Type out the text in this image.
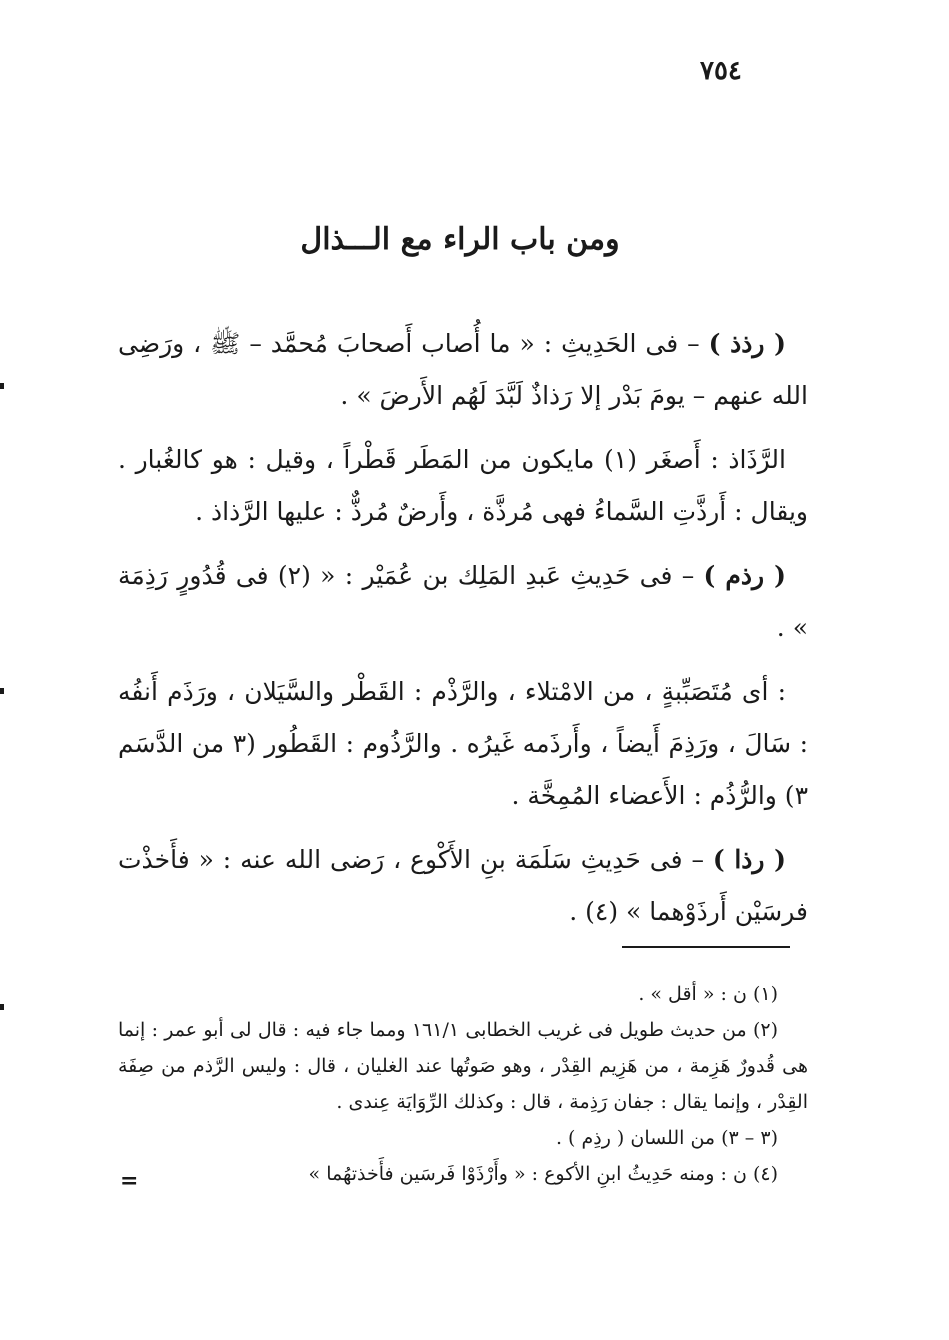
٧٥٤
ومن باب الراء مع الـــذال

( رذذ ) – فى الحَدِيثِ : « ما أُصاب أَصحابَ مُحمَّد – ﷺ ، ورَضِى الله عنهم – يومَ بَدْر إلا رَذاذٌ لَبَّدَ لَهُم الأَرضَ » .

الرَّذَاذ : أَصغَر (١) مايكون من المَطَر قَطْراً ، وقيل : هو كالغُبار . ويقال : أَرذَّتِ السَّماءُ فهى مُرذَّة ، وأَرضٌ مُرذٌّ : عليها الرَّذاذ .

( رذم ) – فى حَدِيثِ عَبدِ المَلِك بن عُمَيْر : « (٢) فى قُدُورٍ رَذِمَة » .

: أى مُتَصَبِّبةٍ ، من الامْتلاء ، والرَّذْم : القَطْر والسَّيَلان ، ورَذَم أَنفُه : سَالَ ، ورَذِمَ أَيضاً ، وأَرذَمه غَيرُه . والرَّذُوم : القَطُور (٣ من الدَّسَم ٣) والرُّذُم : الأَعضاء المُمِخَّة .

( رذا ) – فى حَدِيثِ سَلَمَة بنِ الأَكْوع ، رَضى الله عنه : « فأَخذْت فرسَيْن أَرذَوْهما » (٤) .

(١) ن : « أقل » .

(٢) من حديث طويل فى غريب الخطابى ١٦١/١ ومما جاء فيه : قال لى أبو عمر : إنما هى قُدورٌ هَزِمة ، من هَزِيم القِدْر ، وهو صَوتُها عند الغليان ، قال : وليس الرَّذم من صِفَة القِدْر ، وإنما يقال : جفان رَذِمة ، قال : وكذلك الرِّوَايَة عِندى .

(٣ – ٣) من اللسان ( رذِم ) .

(٤) ن : ومنه حَدِيثُ ابنِ الأكوع : « وأَرْذَوْا فَرسَين فأَخذتهُما »

=
